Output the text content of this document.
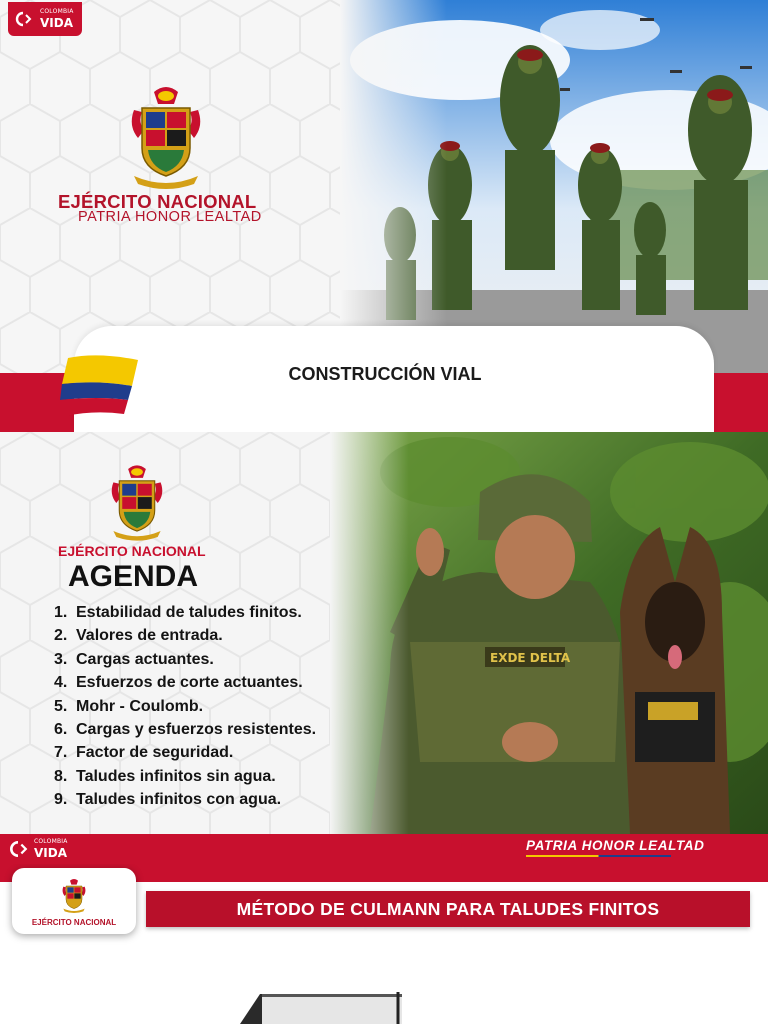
COLOMBIA
VIDA
EJÉRCITO NACIONAL
PATRIA HONOR LEALTAD
CONSTRUCCIÓN VIAL
EJÉRCITO NACIONAL
AGENDA
1. Estabilidad de taludes finitos.
2. Valores de entrada.
3. Cargas actuantes.
4. Esfuerzos de corte actuantes.
5. Mohr - Coulomb.
6. Cargas y esfuerzos resistentes.
7. Factor de seguridad.
8. Taludes infinitos sin agua.
9. Taludes infinitos con agua.
COLOMBIA
VIDA	PATRIA HONOR LEALTAD
EJÉRCITO NACIONAL
MÉTODO DE CULMANN PARA TALUDES FINITOS
